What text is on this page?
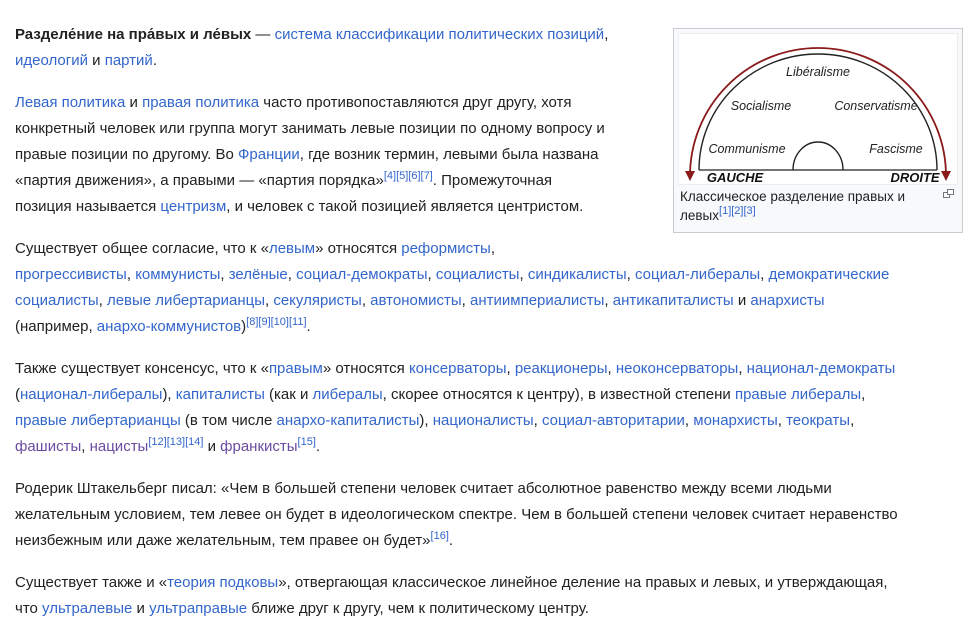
Разделе́ние на пра́вых и ле́вых — система классификации политических позиций,
идеологий и партий.
Левая политика и правая политика часто противопоставляются друг другу, хотя
конкретный человек или группа могут занимать левые позиции по одному вопросу и
правые позиции по другому. Во Франции, где возник термин, левыми была названа
«партия движения», а правыми — «партия порядка»[4][5][6][7]. Промежуточная
позиция называется центризм, и человек с такой позицией является центристом.
Существует общее согласие, что к «левым» относятся реформисты,
прогрессивисты, коммунисты, зелёные, социал-демократы, социалисты, синдикалисты, социал-либералы, демократические
социалисты, левые либертарианцы, секуляристы, автономисты, антиимпериалисты, антикапиталисты и анархисты
(например, анархо-коммунистов)[8][9][10][11].
Также существует консенсус, что к «правым» относятся консерваторы, реакционеры, неоконсерваторы, национал-демократы
(национал-либералы), капиталисты (как и либералы, скорее относятся к центру), в известной степени правые либералы,
правые либертарианцы (в том числе анархо-капиталисты), националисты, социал-авторитарии, монархисты, теократы,
фашисты, нацисты[12][13][14] и франкисты[15].
Родерик Штакельберг писал: «Чем в большей степени человек считает абсолютное равенство между всеми людьми
желательным условием, тем левее он будет в идеологическом спектре. Чем в большей степени человек считает неравенство
неизбежным или даже желательным, тем правее он будет»[16].
Существует также и «теория подковы», отвергающая классическое линейное деление на правых и левых, и утверждающая,
что ультралевые и ультраправые ближе друг к другу, чем к политическому центру.
Libéralisme
Socialisme	Conservatisme
Communisme	Fascisme
GAUCHE	DROITE
Классическое разделение правых и
левых[1][2][3]
